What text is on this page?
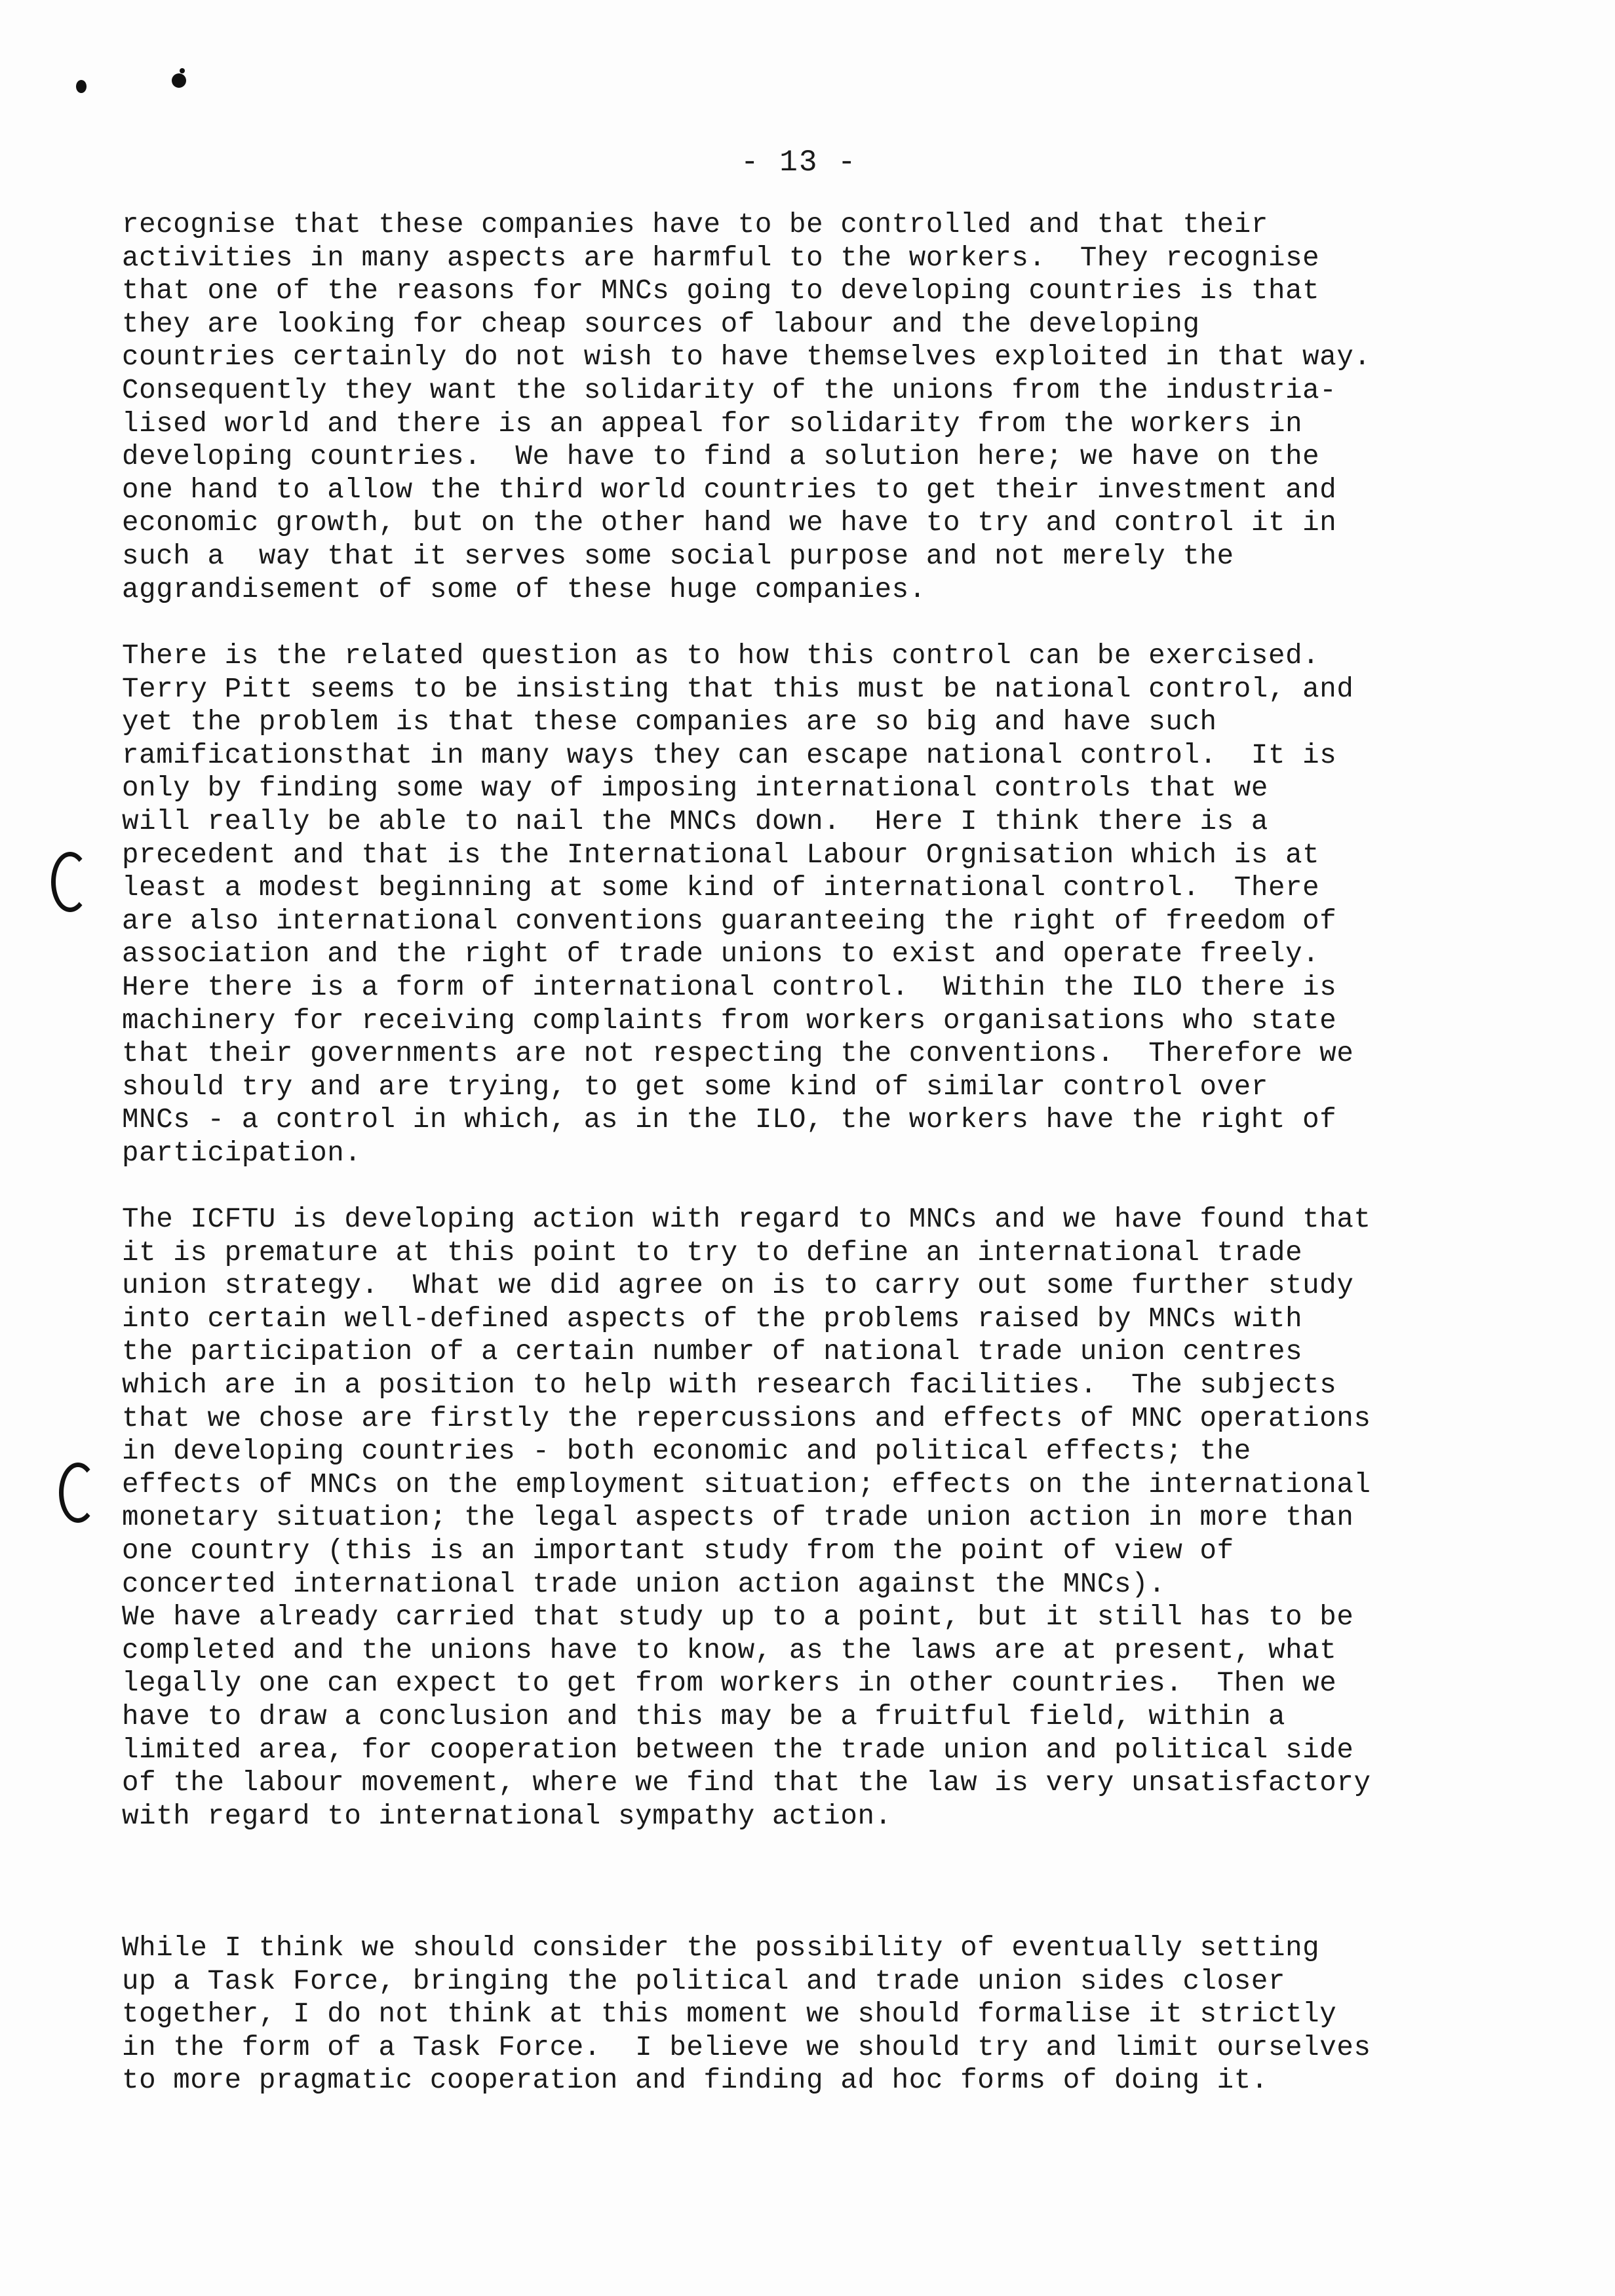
- 13 -
recognise that these companies have to be controlled and that their
activities in many aspects are harmful to the workers.  They recognise
that one of the reasons for MNCs going to developing countries is that
they are looking for cheap sources of labour and the developing
countries certainly do not wish to have themselves exploited in that way.
Consequently they want the solidarity of the unions from the industria-
lised world and there is an appeal for solidarity from the workers in
developing countries.  We have to find a solution here; we have on the
one hand to allow the third world countries to get their investment and
economic growth, but on the other hand we have to try and control it in
such a  way that it serves some social purpose and not merely the
aggrandisement of some of these huge companies.
There is the related question as to how this control can be exercised.
Terry Pitt seems to be insisting that this must be national control, and
yet the problem is that these companies are so big and have such
ramificationsthat in many ways they can escape national control.  It is
only by finding some way of imposing international controls that we
will really be able to nail the MNCs down.  Here I think there is a
precedent and that is the International Labour Orgnisation which is at
least a modest beginning at some kind of international control.  There
are also international conventions guaranteeing the right of freedom of
association and the right of trade unions to exist and operate freely.
Here there is a form of international control.  Within the ILO there is
machinery for receiving complaints from workers organisations who state
that their governments are not respecting the conventions.  Therefore we
should try and are trying, to get some kind of similar control over
MNCs - a control in which, as in the ILO, the workers have the right of
participation.
The ICFTU is developing action with regard to MNCs and we have found that
it is premature at this point to try to define an international trade
union strategy.  What we did agree on is to carry out some further study
into certain well-defined aspects of the problems raised by MNCs with
the participation of a certain number of national trade union centres
which are in a position to help with research facilities.  The subjects
that we chose are firstly the repercussions and effects of MNC operations
in developing countries - both economic and political effects; the
effects of MNCs on the employment situation; effects on the international
monetary situation; the legal aspects of trade union action in more than
one country (this is an important study from the point of view of
concerted international trade union action against the MNCs).
We have already carried that study up to a point, but it still has to be
completed and the unions have to know, as the laws are at present, what
legally one can expect to get from workers in other countries.  Then we
have to draw a conclusion and this may be a fruitful field, within a
limited area, for cooperation between the trade union and political side
of the labour movement, where we find that the law is very unsatisfactory
with regard to international sympathy action.
While I think we should consider the possibility of eventually setting
up a Task Force, bringing the political and trade union sides closer
together, I do not think at this moment we should formalise it strictly
in the form of a Task Force.  I believe we should try and limit ourselves
to more pragmatic cooperation and finding ad hoc forms of doing it.
